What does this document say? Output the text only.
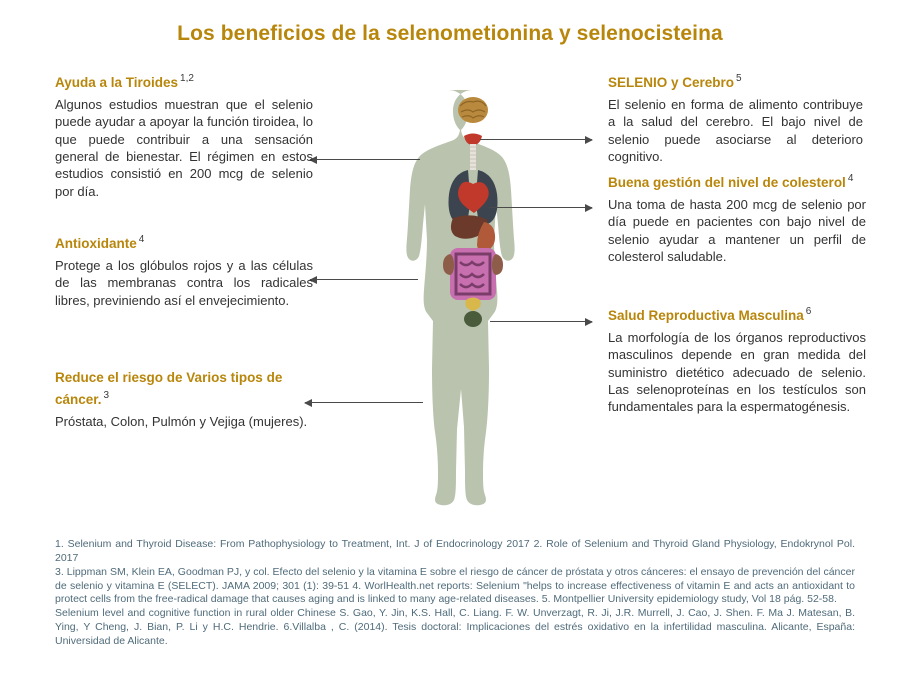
Los beneficios de la selenometionina y selenocisteina
Ayuda a la Tiroides $^{1,2}$

Algunos estudios muestran que el selenio puede ayudar a apoyar la función tiroidea, lo que puede contribuir a una sensación general de bienestar. El régimen en estos estudios consistió en 200 mcg de selenio por día.

Antioxidante $^4$

Protege a los glóbulos rojos y a las células de las membranas contra los radicales libres, previniendo así el envejecimiento.

Reduce el riesgo de Varios tipos de cáncer. $^3$

Próstata, Colon, Pulmón y Vejiga (mujeres).

SELENIO y Cerebro $^5$

El selenio en forma de alimento contribuye a la salud del cerebro. El bajo nivel de selenio puede asociarse al deterioro cognitivo.

Buena gestión del nivel de colesterol $^4$

Una toma de hasta 200 mcg de selenio por día puede en pacientes con bajo nivel de selenio ayudar a mantener un perfil de colesterol saludable.

Salud Reproductiva Masculina $^6$

La morfología de los órganos reproductivos masculinos depende en gran medida del suministro dietético adecuado de selenio. Las selenoproteínas en los testículos son fundamentales para la espermatogénesis.

1. Selenium and Thyroid Disease: From Pathophysiology to Treatment, Int. J of Endocrinology 2017 2. Role of Selenium and Thyroid Gland Physiology, Endokrynol Pol. 2017

3. Lippman SM, Klein EA, Goodman PJ, y col. Efecto del selenio y la vitamina E sobre el riesgo de cáncer de próstata y otros cánceres: el ensayo de prevención del cáncer de selenio y vitamina E (SELECT). JAMA 2009; 301 (1): 39-51 4. WorlHealth.net reports: Selenium "helps to increase effectiveness of vitamin E and acts an antioxidant to protect cells from the free-radical damage that causes aging and is linked to many age-related diseases. 5. Montpellier University epidemiology study, Vol 18 pág. 52-58.

Selenium level and cognitive function in rural older Chinese S. Gao, Y. Jin, K.S. Hall, C. Liang. F. W. Unverzagt, R. Ji, J.R. Murrell, J. Cao, J. Shen. F. Ma J. Matesan, B. Ying, Y Cheng, J. Bian, P. Li y H.C. Hendrie. 6.Villalba , C. (2014). Tesis doctoral: Implicaciones del estrés oxidativo en la infertilidad masculina. Alicante, España: Universidad de Alicante.
